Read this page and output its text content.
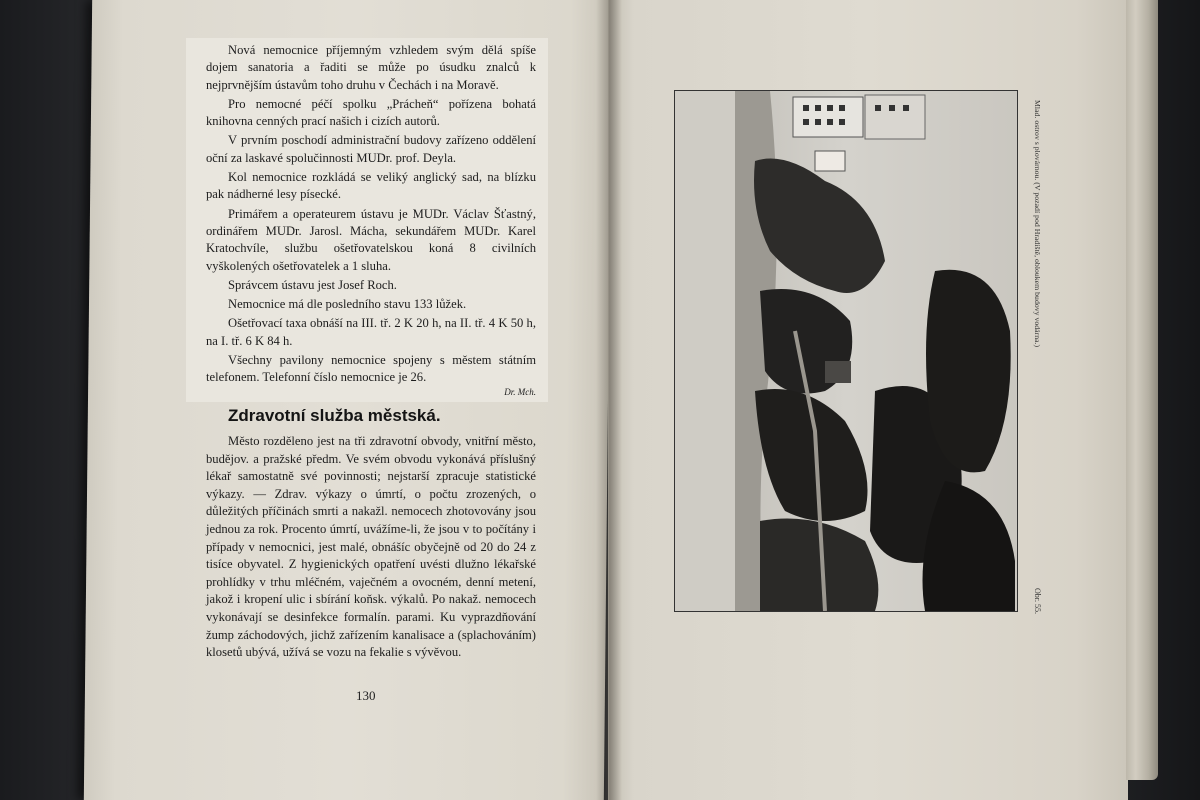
Nová nemocnice příjemným vzhledem svým dělá spíše dojem sanatoria a řaditi se může po úsudku znalců k nejprvnějším ústavům toho druhu v Čechách i na Moravě.

Pro nemocné péčí spolku „Prácheň“ pořízena bohatá knihovna cenných prací našich i cizích autorů.

V prvním poschodí administrační budovy zařízeno oddělení oční za laskavé spolučinnosti MUDr. prof. Deyla.

Kol nemocnice rozkládá se veliký anglický sad, na blízku pak nádherné lesy písecké.

Primářem a operateurem ústavu je MUDr. Václav Šťastný, ordinářem MUDr. Jarosl. Mácha, sekundářem MUDr. Karel Kratochvíle, službu ošetřovatelskou koná 8 civilních vyškolených ošetřovatelek a 1 sluha.

Správcem ústavu jest Josef Roch.

Nemocnice má dle posledního stavu 133 lůžek.

Ošetřovací taxa obnáší na III. tř. 2 K 20 h, na II. tř. 4 K 50 h, na I. tř. 6 K 84 h.

Všechny pavilony nemocnice spojeny s městem státním telefonem. Telefonní číslo nemocnice je 26.

Dr. Mch.
Zdravotní služba městská.

Město rozděleno jest na tři zdravotní obvody, vnitřní město, budějov. a pražské předm. Ve svém obvodu vykonává příslušný lékař samostatně své povinnosti; nejstarší zpracuje statistické výkazy. — Zdrav. výkazy o úmrtí, o počtu zrozených, o důležitých příčinách smrti a nakažl. nemocech zhotovovány jsou jednou za rok. Procento úmrtí, uvážíme-li, že jsou v to počítány i případy v nemocnici, jest malé, obnášíc obyčejně od 20 do 24 z tisíce obyvatel. Z hygienických opatření uvésti dlužno lékařské prohlídky v trhu mléčném, vaječném a ovocném, denní metení, jakož i kropení ulic i sbírání koňsk. výkalů. Po nakaž. nemocech vykonávají se desinfekce formalín. parami. Ku vyprazdňování žump záchodových, jichž zařízením kanalisace a (splachováním) klosetů ubývá, užívá se vozu na fekalie s vývěvou.

130
Mlad. ostrov s plovárnou. (V pozadí pod Hradiště, obloukem budovy vodárna.)
Obr. 55.
